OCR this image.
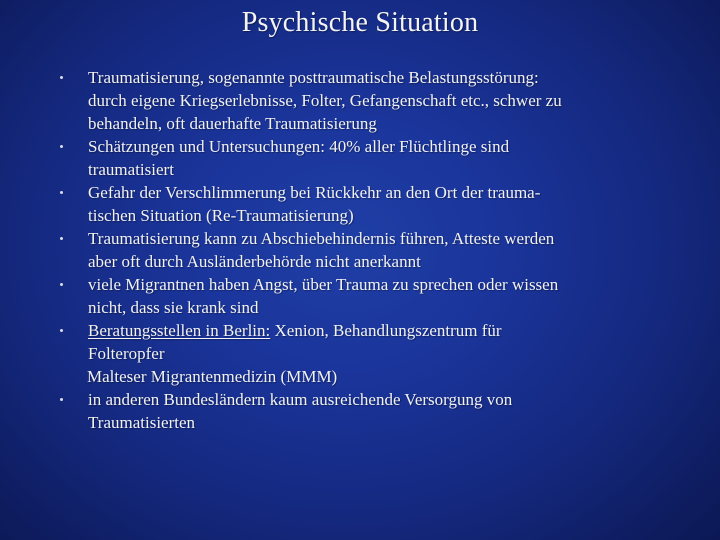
Psychische Situation
Traumatisierung, sogenannte posttraumatische Belastungsstörung:
durch eigene Kriegserlebnisse, Folter, Gefangenschaft etc., schwer zu
behandeln, oft dauerhafte Traumatisierung
Schätzungen und Untersuchungen: 40% aller Flüchtlinge sind
traumatisiert
Gefahr der Verschlimmerung bei Rückkehr an den Ort der trauma-
tischen Situation (Re-Traumatisierung)
Traumatisierung kann zu Abschiebehindernis führen, Atteste werden
aber oft durch Ausländerbehörde nicht anerkannt
viele Migrantnen haben Angst, über Trauma zu sprechen oder wissen
nicht, dass sie krank sind
Beratungsstellen in Berlin: Xenion, Behandlungszentrum für
Folteropfer
Malteser Migrantenmedizin (MMM)
in anderen Bundesländern kaum ausreichende Versorgung von
Traumatisierten
